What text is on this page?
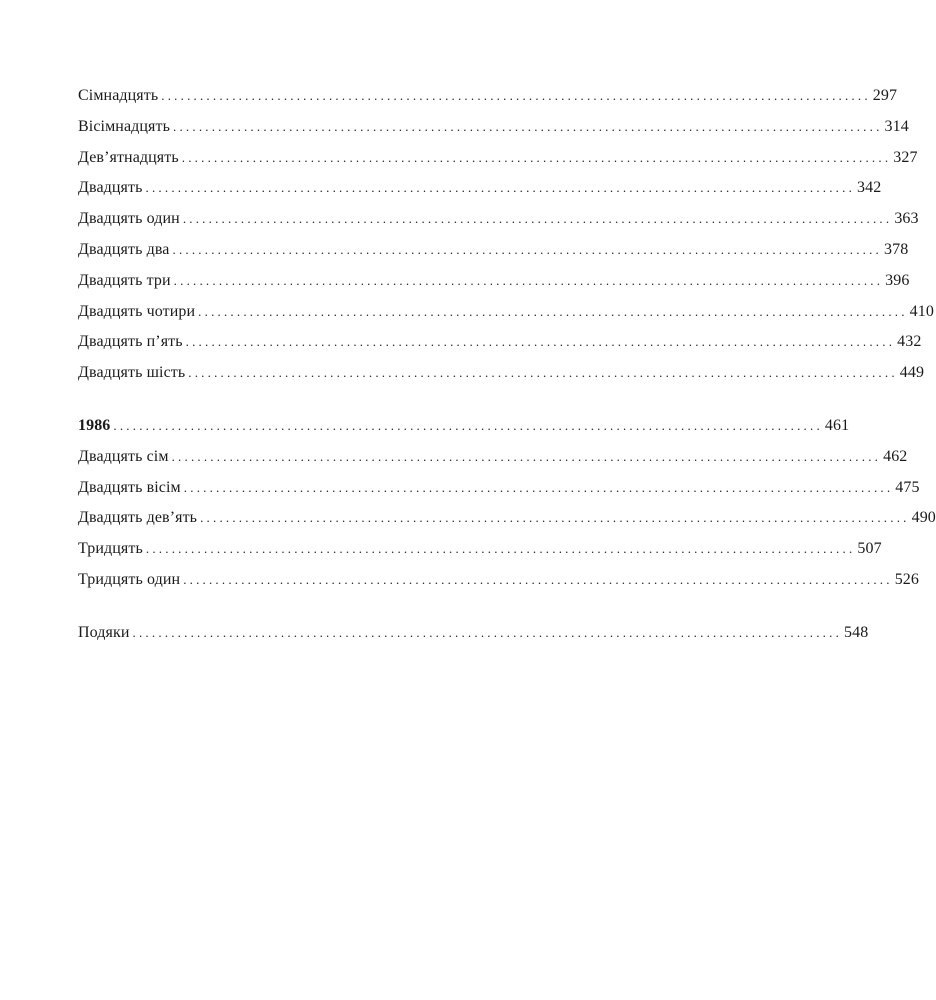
Сімнадцять .............................................................................................................. 297
Вісімнадцять .............................................................................................................. 314
Дев’ятнадцять .............................................................................................................. 327
Двадцять .............................................................................................................. 342
Двадцять один .............................................................................................................. 363
Двадцять два .............................................................................................................. 378
Двадцять три .............................................................................................................. 396
Двадцять чотири .............................................................................................................. 410
Двадцять п’ять .............................................................................................................. 432
Двадцять шість .............................................................................................................. 449
1986 .............................................................................................................. 461
Двадцять сім .............................................................................................................. 462
Двадцять вісім .............................................................................................................. 475
Двадцять дев’ять .............................................................................................................. 490
Тридцять .............................................................................................................. 507
Тридцять один .............................................................................................................. 526
Подяки .............................................................................................................. 548
